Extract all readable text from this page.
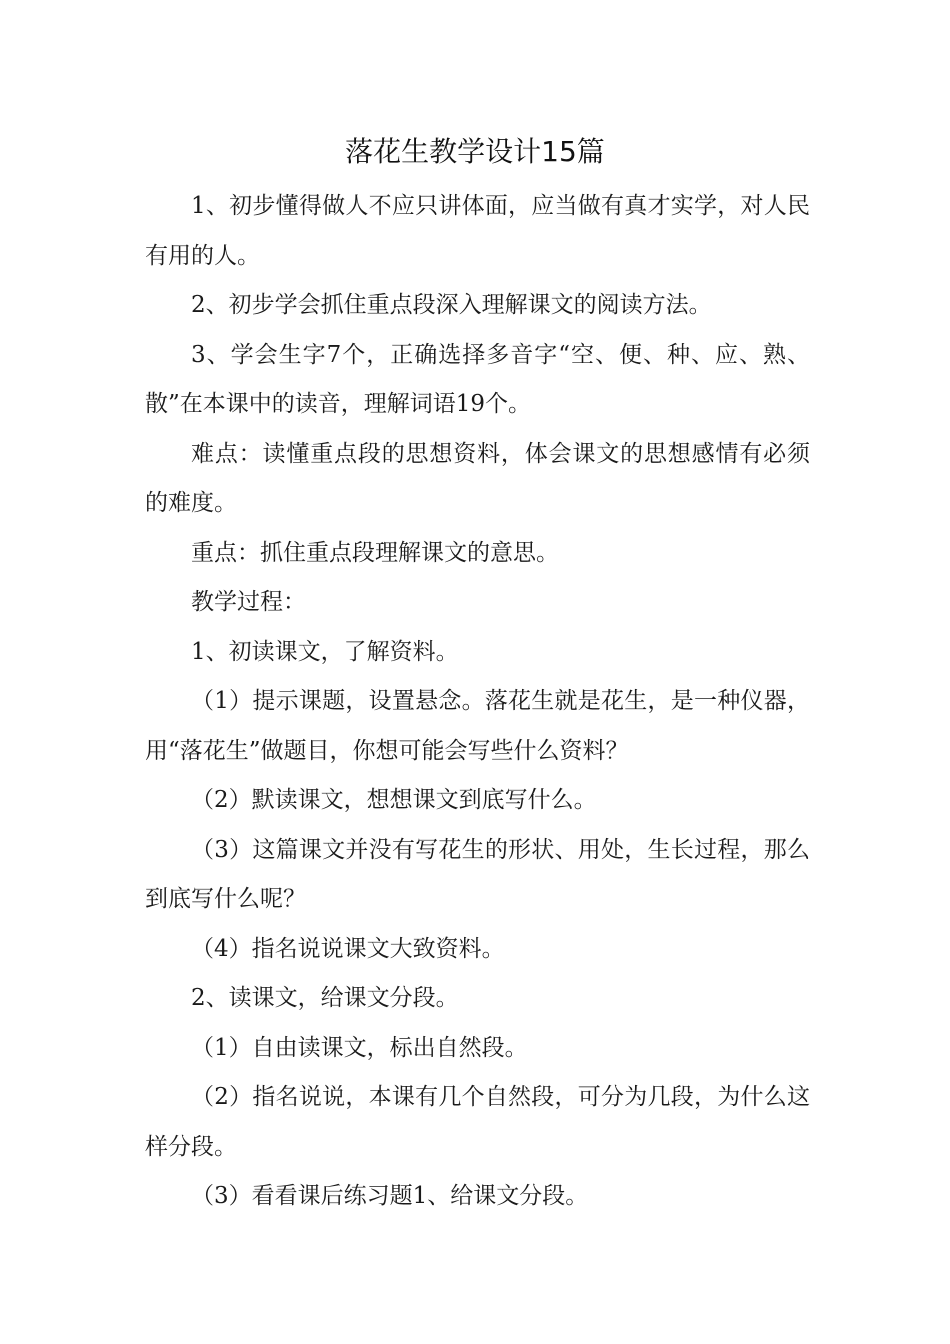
落花生教学设计15篇

1、初步懂得做人不应只讲体面，应当做有真才实学，对人民有用的人。

2、初步学会抓住重点段深入理解课文的阅读方法。

3、学会生字7个，正确选择多音字“空、便、种、应、熟、散”在本课中的读音，理解词语19个。

难点：读懂重点段的思想资料，体会课文的思想感情有必须的难度。

重点：抓住重点段理解课文的意思。

教学过程：

1、初读课文，了解资料。

（1）提示课题，设置悬念。落花生就是花生，是一种仪器，用“落花生”做题目，你想可能会写些什么资料？

（2）默读课文，想想课文到底写什么。

（3）这篇课文并没有写花生的形状、用处，生长过程，那么到底写什么呢？

（4）指名说说课文大致资料。

2、读课文，给课文分段。

（1）自由读课文，标出自然段。

（2）指名说说，本课有几个自然段，可分为几段，为什么这样分段。

（3）看看课后练习题1、给课文分段。
